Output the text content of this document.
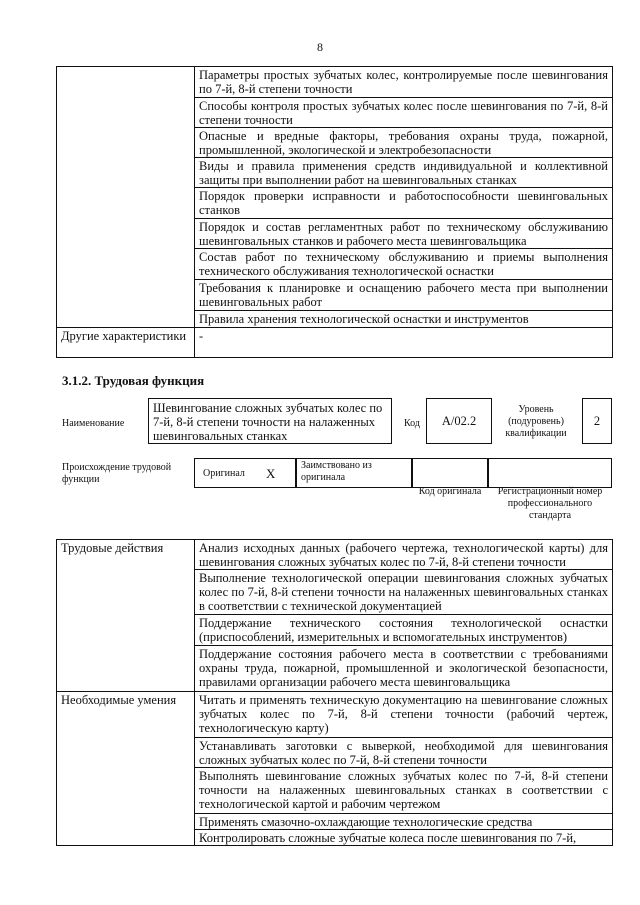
8
	Параметры простых зубчатых колес, контролируемые после шевингования по 7-й, 8-й степени точности
	Способы контроля простых зубчатых колес после шевингования по 7-й, 8-й степени точности
	Опасные и вредные факторы, требования охраны труда, пожарной, промышленной, экологической и электробезопасности
	Виды и правила применения средств индивидуальной и коллективной защиты при выполнении работ на шевинговальных станках
	Порядок проверки исправности и работоспособности шевинговальных станков
	Порядок и состав регламентных работ по техническому обслуживанию шевинговальных станков и рабочего места шевинговальщика
	Состав работ по техническому обслуживанию и приемы выполнения технического обслуживания технологической оснастки
	Требования к планировке и оснащению рабочего места при выполнении шевинговальных работ
	Правила хранения технологической оснастки и инструментов
Другие характеристики	-
3.1.2. Трудовая функция
Наименование
Шевингование сложных зубчатых колес по 7-й, 8-й степени точности на налаженных шевинговальных станках
Код	А/02.2
Уровень (подуровень) квалификации
2
Происхождение трудовой функции
Оригинал X
Заимствовано из оригинала
Код оригинала	Регистрационный номер профессионального стандарта
Трудовые действия	Анализ исходных данных (рабочего чертежа, технологической карты) для шевингования сложных зубчатых колес по 7-й, 8-й степени точности
	Выполнение технологической операции шевингования сложных зубчатых колес по 7-й, 8-й степени точности на налаженных шевинговальных станках в соответствии с технической документацией
	Поддержание технического состояния технологической оснастки (приспособлений, измерительных и вспомогательных инструментов)
	Поддержание состояния рабочего места в соответствии с требованиями охраны труда, пожарной, промышленной и экологической безопасности, правилами организации рабочего места шевинговальщика
Необходимые умения	Читать и применять техническую документацию на шевингование сложных зубчатых колес по 7-й, 8-й степени точности (рабочий чертеж, технологическую карту)
	Устанавливать заготовки с выверкой, необходимой для шевингования сложных зубчатых колес по 7-й, 8-й степени точности
	Выполнять шевингование сложных зубчатых колес по 7-й, 8-й степени точности на налаженных шевинговальных станках в соответствии с технологической картой и рабочим чертежом
	Применять смазочно-охлаждающие технологические средства
	Контролировать сложные зубчатые колеса после шевингования по 7-й,
